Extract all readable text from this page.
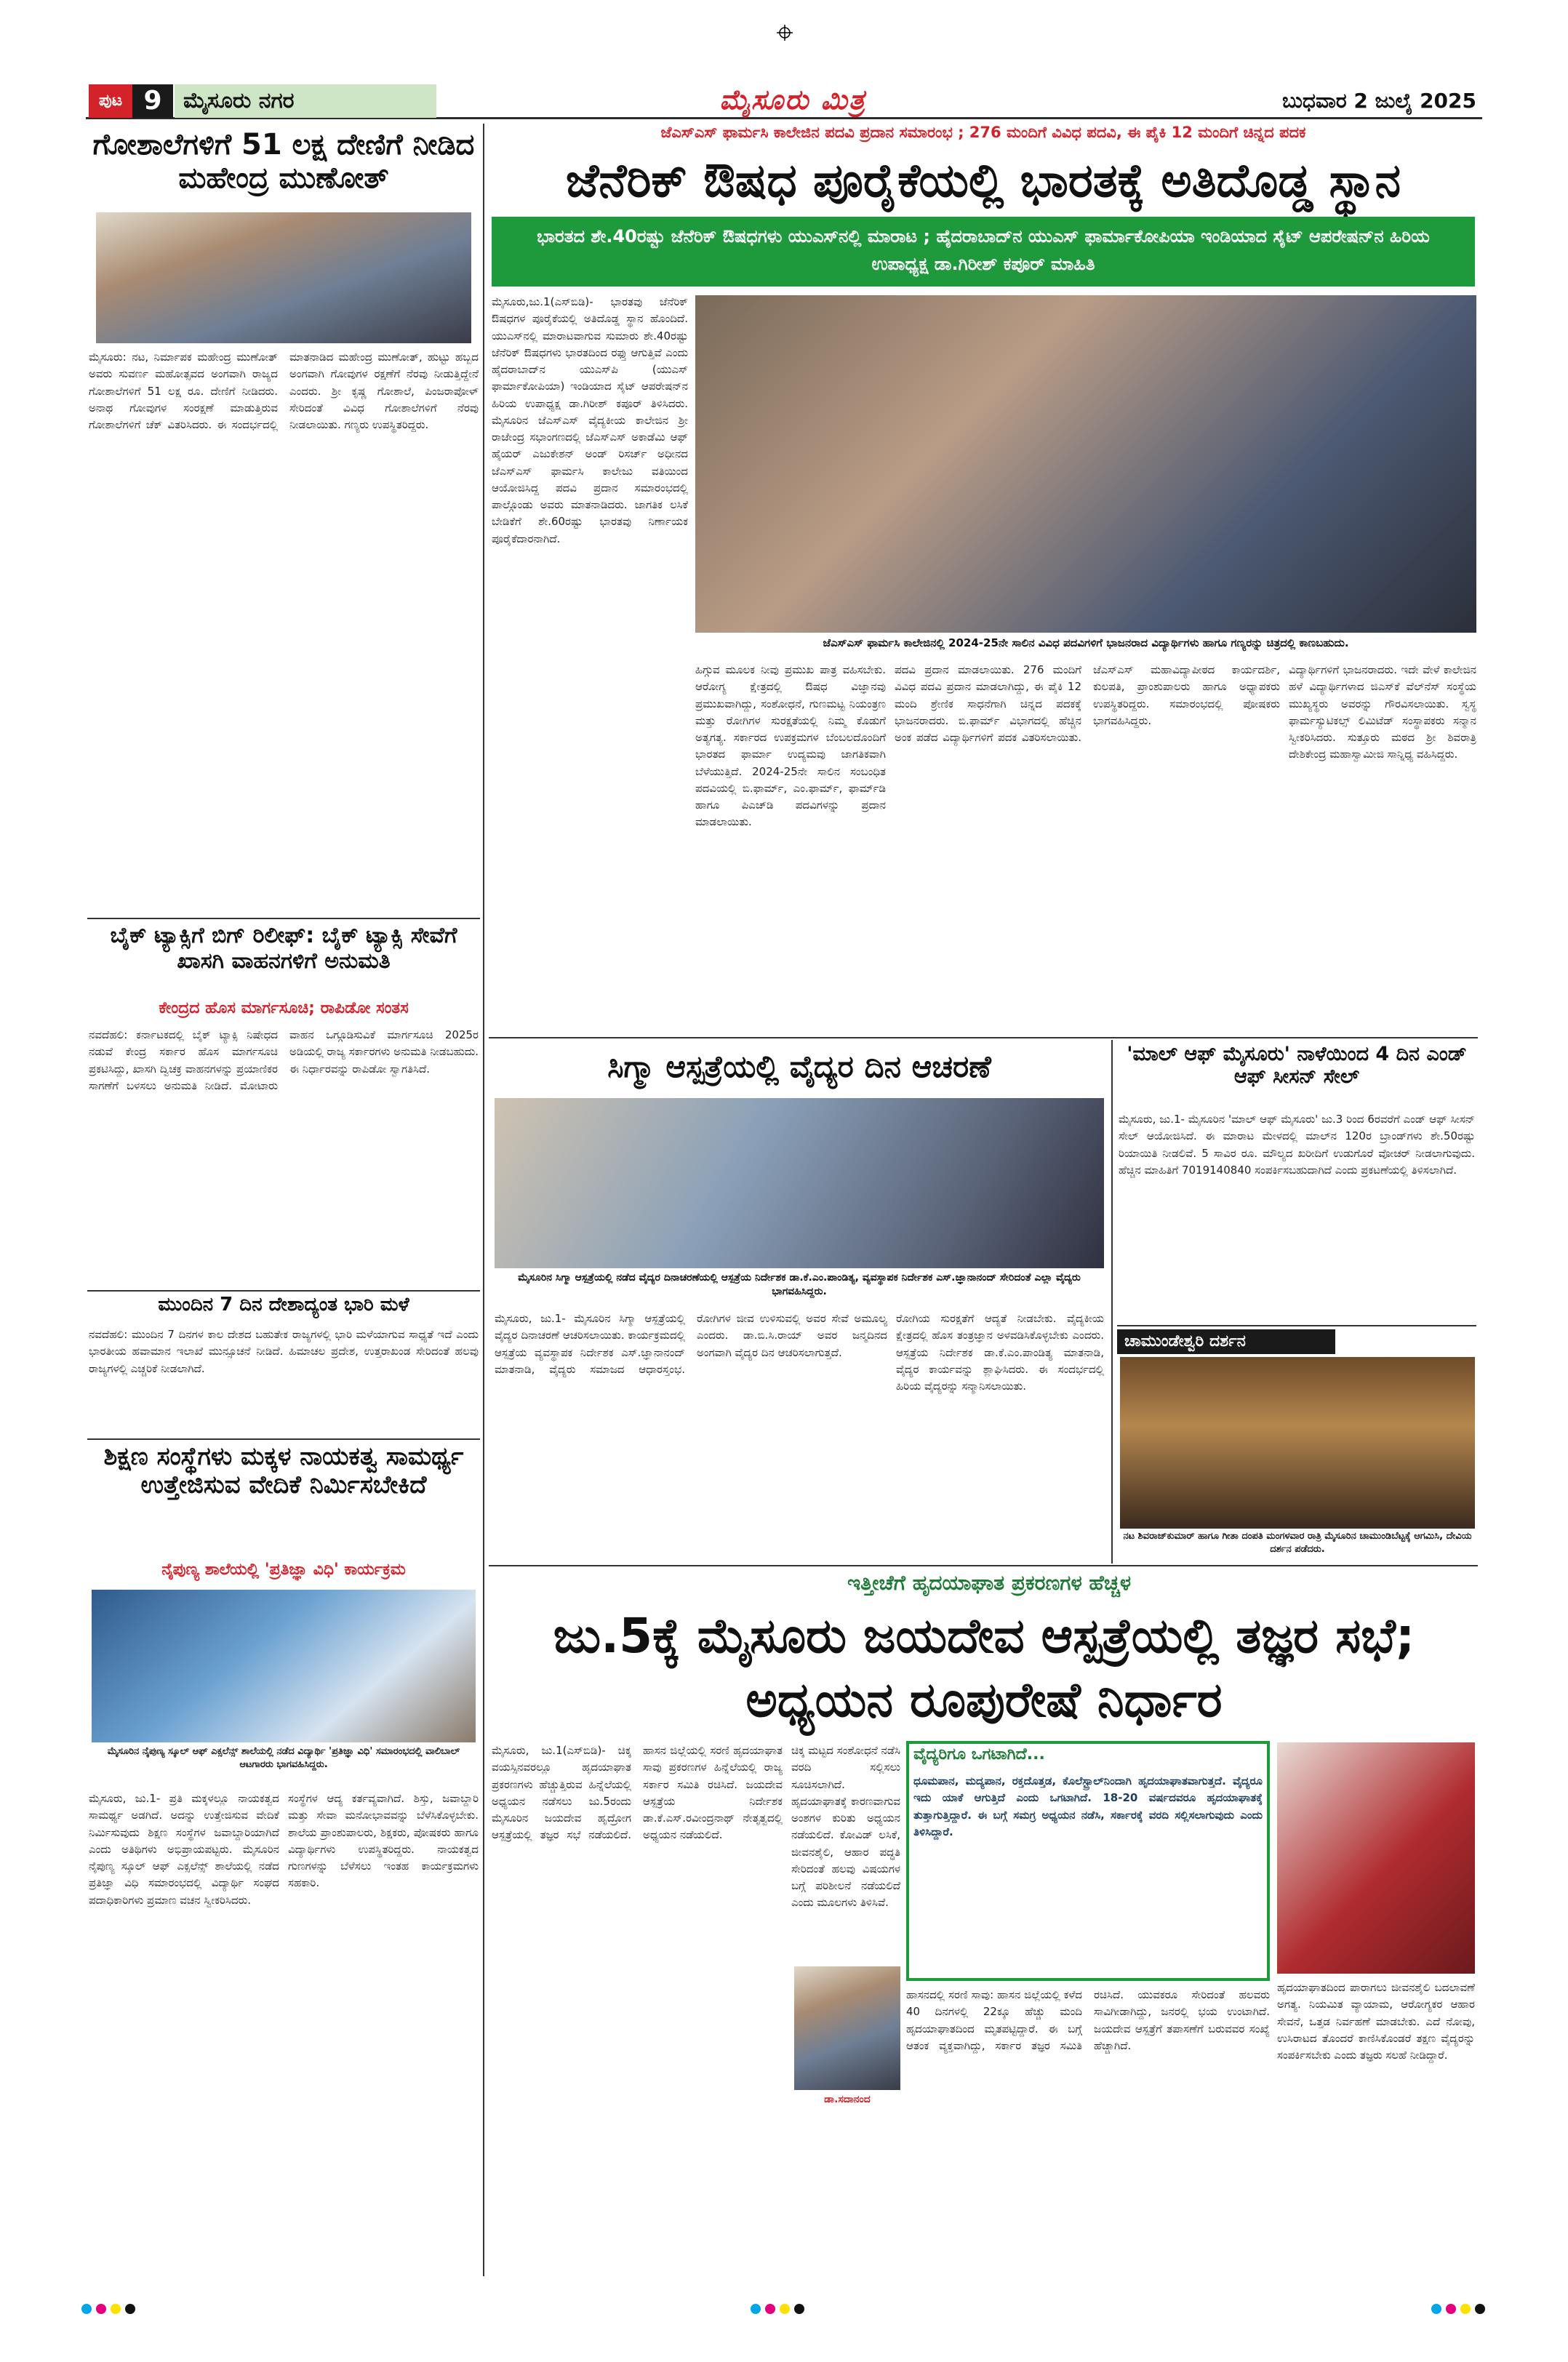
ಪುಟ 9 ಮೈಸೂರು ನಗರ	ಮೈಸೂರು ಮಿತ್ರ	ಬುಧವಾರ 2 ಜುಲೈ 2025
ಗೋಶಾಲೆಗಳಿಗೆ 51 ಲಕ್ಷ ದೇಣಿಗೆ ನೀಡಿದ ಮಹೇಂದ್ರ ಮುಣೋತ್
ಮೈಸೂರು: ನಟ, ನಿರ್ಮಾಪಕ ಮಹೇಂದ್ರ ಮುಣೋತ್ ಅವರು ಸುವರ್ಣ ಮಹೋತ್ಸವದ ಅಂಗವಾಗಿ ರಾಜ್ಯದ ಗೋಶಾಲೆಗಳಿಗೆ 51 ಲಕ್ಷ ರೂ. ದೇಣಿಗೆ ನೀಡಿದರು. ಅನಾಥ ಗೋವುಗಳ ಸಂರಕ್ಷಣೆ ಮಾಡುತ್ತಿರುವ ಗೋಶಾಲೆಗಳಿಗೆ ಚೆಕ್ ವಿತರಿಸಿದರು. ಈ ಸಂದರ್ಭದಲ್ಲಿ ಮಾತನಾಡಿದ ಮಹೇಂದ್ರ ಮುಣೋತ್, ಹುಟ್ಟು ಹಬ್ಬದ ಅಂಗವಾಗಿ ಗೋವುಗಳ ರಕ್ಷಣೆಗೆ ನೆರವು ನೀಡುತ್ತಿದ್ದೇನೆ ಎಂದರು. ಶ್ರೀ ಕೃಷ್ಣ ಗೋಶಾಲೆ, ಪಿಂಜರಾಪೋಳ್ ಸೇರಿದಂತೆ ವಿವಿಧ ಗೋಶಾಲೆಗಳಿಗೆ ನೆರವು ನೀಡಲಾಯಿತು. ಗಣ್ಯರು ಉಪಸ್ಥಿತರಿದ್ದರು.
ಬೈಕ್ ಟ್ಯಾಕ್ಸಿಗೆ ಬಿಗ್ ರಿಲೀಫ್: ಬೈಕ್ ಟ್ಯಾಕ್ಸಿ ಸೇವೆಗೆ ಖಾಸಗಿ ವಾಹನಗಳಿಗೆ ಅನುಮತಿ
ಕೇಂದ್ರದ ಹೊಸ ಮಾರ್ಗಸೂಚಿ; ರಾಪಿಡೋ ಸಂತಸ
ನವದೆಹಲಿ: ಕರ್ನಾಟಕದಲ್ಲಿ ಬೈಕ್ ಟ್ಯಾಕ್ಸಿ ನಿಷೇಧದ ನಡುವೆ ಕೇಂದ್ರ ಸರ್ಕಾರ ಹೊಸ ಮಾರ್ಗಸೂಚಿ ಪ್ರಕಟಿಸಿದ್ದು, ಖಾಸಗಿ ದ್ವಿಚಕ್ರ ವಾಹನಗಳನ್ನು ಪ್ರಯಾಣಿಕರ ಸಾಗಣೆಗೆ ಬಳಸಲು ಅನುಮತಿ ನೀಡಿದೆ. ಮೋಟಾರು ವಾಹನ ಒಗ್ಗೂಡಿಸುವಿಕೆ ಮಾರ್ಗಸೂಚಿ 2025ರ ಅಡಿಯಲ್ಲಿ ರಾಜ್ಯ ಸರ್ಕಾರಗಳು ಅನುಮತಿ ನೀಡಬಹುದು. ಈ ನಿರ್ಧಾರವನ್ನು ರಾಪಿಡೋ ಸ್ವಾಗತಿಸಿದೆ.
ಮುಂದಿನ 7 ದಿನ ದೇಶಾದ್ಯಂತ ಭಾರಿ ಮಳೆ
ನವದೆಹಲಿ: ಮುಂದಿನ 7 ದಿನಗಳ ಕಾಲ ದೇಶದ ಬಹುತೇಕ ರಾಜ್ಯಗಳಲ್ಲಿ ಭಾರಿ ಮಳೆಯಾಗುವ ಸಾಧ್ಯತೆ ಇದೆ ಎಂದು ಭಾರತೀಯ ಹವಾಮಾನ ಇಲಾಖೆ ಮುನ್ಸೂಚನೆ ನೀಡಿದೆ. ಹಿಮಾಚಲ ಪ್ರದೇಶ, ಉತ್ತರಾಖಂಡ ಸೇರಿದಂತೆ ಹಲವು ರಾಜ್ಯಗಳಲ್ಲಿ ಎಚ್ಚರಿಕೆ ನೀಡಲಾಗಿದೆ.
ಶಿಕ್ಷಣ ಸಂಸ್ಥೆಗಳು ಮಕ್ಕಳ ನಾಯಕತ್ವ ಸಾಮರ್ಥ್ಯ ಉತ್ತೇಜಿಸುವ ವೇದಿಕೆ ನಿರ್ಮಿಸಬೇಕಿದೆ
ನೈಪುಣ್ಯ ಶಾಲೆಯಲ್ಲಿ 'ಪ್ರತಿಜ್ಞಾ ವಿಧಿ' ಕಾರ್ಯಕ್ರಮ
ಮೈಸೂರಿನ ನೈಪುಣ್ಯ ಸ್ಕೂಲ್ ಆಫ್ ಎಕ್ಸಲೆನ್ಸ್ ಶಾಲೆಯಲ್ಲಿ ನಡೆದ ವಿದ್ಯಾರ್ಥಿ 'ಪ್ರತಿಜ್ಞಾ ವಿಧಿ' ಸಮಾರಂಭದಲ್ಲಿ ವಾಲಿಬಾಲ್ ಆಟಗಾರರು ಭಾಗವಹಿಸಿದ್ದರು.
ಮೈಸೂರು, ಜು.1- ಪ್ರತಿ ಮಕ್ಕಳಲ್ಲೂ ನಾಯಕತ್ವದ ಸಾಮರ್ಥ್ಯ ಅಡಗಿದೆ. ಅದನ್ನು ಉತ್ತೇಜಿಸುವ ವೇದಿಕೆ ನಿರ್ಮಿಸುವುದು ಶಿಕ್ಷಣ ಸಂಸ್ಥೆಗಳ ಜವಾಬ್ದಾರಿಯಾಗಿದೆ ಎಂದು ಅತಿಥಿಗಳು ಅಭಿಪ್ರಾಯಪಟ್ಟರು. ಮೈಸೂರಿನ ನೈಪುಣ್ಯ ಸ್ಕೂಲ್ ಆಫ್ ಎಕ್ಸಲೆನ್ಸ್ ಶಾಲೆಯಲ್ಲಿ ನಡೆದ ಪ್ರತಿಜ್ಞಾ ವಿಧಿ ಸಮಾರಂಭದಲ್ಲಿ ವಿದ್ಯಾರ್ಥಿ ಸಂಘದ ಪದಾಧಿಕಾರಿಗಳು ಪ್ರಮಾಣ ವಚನ ಸ್ವೀಕರಿಸಿದರು.
ಸಂಸ್ಥೆಗಳ ಆದ್ಯ ಕರ್ತವ್ಯವಾಗಿದೆ. ಶಿಸ್ತು, ಜವಾಬ್ದಾರಿ ಮತ್ತು ಸೇವಾ ಮನೋಭಾವವನ್ನು ಬೆಳೆಸಿಕೊಳ್ಳಬೇಕು. ಶಾಲೆಯ ಪ್ರಾಂಶುಪಾಲರು, ಶಿಕ್ಷಕರು, ಪೋಷಕರು ಹಾಗೂ ವಿದ್ಯಾರ್ಥಿಗಳು ಉಪಸ್ಥಿತರಿದ್ದರು. ನಾಯಕತ್ವದ ಗುಣಗಳನ್ನು ಬೆಳೆಸಲು ಇಂತಹ ಕಾರ್ಯಕ್ರಮಗಳು ಸಹಕಾರಿ.
ಜೆಎಸ್‌ಎಸ್ ಫಾರ್ಮಸಿ ಕಾಲೇಜಿನ ಪದವಿ ಪ್ರದಾನ ಸಮಾರಂಭ ; 276 ಮಂದಿಗೆ ವಿವಿಧ ಪದವಿ, ಈ ಪೈಕಿ 12 ಮಂದಿಗೆ ಚಿನ್ನದ ಪದಕ
ಜೆನೆರಿಕ್ ಔಷಧ ಪೂರೈಕೆಯಲ್ಲಿ ಭಾರತಕ್ಕೆ ಅತಿದೊಡ್ಡ ಸ್ಥಾನ
ಭಾರತದ ಶೇ.40ರಷ್ಟು ಜೆನೆರಿಕ್ ಔಷಧಗಳು ಯುಎಸ್‌ನಲ್ಲಿ ಮಾರಾಟ ; ಹೈದರಾಬಾದ್‌ನ ಯುಎಸ್ ಫಾರ್ಮಾಕೋಪಿಯಾ ಇಂಡಿಯಾದ ಸೈಟ್ ಆಪರೇಷನ್‌ನ ಹಿರಿಯ ಉಪಾಧ್ಯಕ್ಷ ಡಾ.ಗಿರೀಶ್ ಕಪೂರ್ ಮಾಹಿತಿ
ಮೈಸೂರು,ಜು.1(ಎಸ್‌ಬಿಡಿ)- ಭಾರತವು ಜೆನೆರಿಕ್ ಔಷಧಗಳ ಪೂರೈಕೆಯಲ್ಲಿ ಅತಿದೊಡ್ಡ ಸ್ಥಾನ ಹೊಂದಿದೆ. ಯುಎಸ್‌ನಲ್ಲಿ ಮಾರಾಟವಾಗುವ ಸುಮಾರು ಶೇ.40ರಷ್ಟು ಜೆನೆರಿಕ್ ಔಷಧಗಳು ಭಾರತದಿಂದ ರಫ್ತು ಆಗುತ್ತಿವೆ ಎಂದು ಹೈದರಾಬಾದ್‌ನ ಯುಎಸ್‌ಪಿ (ಯುಎಸ್ ಫಾರ್ಮಾಕೋಪಿಯಾ) ಇಂಡಿಯಾದ ಸೈಟ್ ಆಪರೇಷನ್‌ನ ಹಿರಿಯ ಉಪಾಧ್ಯಕ್ಷ ಡಾ.ಗಿರೀಶ್ ಕಪೂರ್ ತಿಳಿಸಿದರು. ಮೈಸೂರಿನ ಜೆಎಸ್‌ಎಸ್ ವೈದ್ಯಕೀಯ ಕಾಲೇಜಿನ ಶ್ರೀ ರಾಜೇಂದ್ರ ಸಭಾಂಗಣದಲ್ಲಿ ಜೆಎಸ್‌ಎಸ್ ಅಕಾಡೆಮಿ ಆಫ್ ಹೈಯರ್ ಎಜುಕೇಶನ್ ಅಂಡ್ ರಿಸರ್ಚ್ ಅಧೀನದ ಜೆಎಸ್‌ಎಸ್ ಫಾರ್ಮಸಿ ಕಾಲೇಜು ವತಿಯಿಂದ ಆಯೋಜಿಸಿದ್ದ ಪದವಿ ಪ್ರದಾನ ಸಮಾರಂಭದಲ್ಲಿ ಪಾಲ್ಗೊಂಡು ಅವರು ಮಾತನಾಡಿದರು. ಜಾಗತಿಕ ಲಸಿಕೆ ಬೇಡಿಕೆಗೆ ಶೇ.60ರಷ್ಟು ಭಾರತವು ನಿರ್ಣಾಯಕ ಪೂರೈಕೆದಾರನಾಗಿದೆ.
ಜೆಎಸ್‌ಎಸ್ ಫಾರ್ಮಸಿ ಕಾಲೇಜಿನಲ್ಲಿ 2024-25ನೇ ಸಾಲಿನ ವಿವಿಧ ಪದವಿಗಳಿಗೆ ಭಾಜನರಾದ ವಿದ್ಯಾರ್ಥಿಗಳು ಹಾಗೂ ಗಣ್ಯರನ್ನು ಚಿತ್ರದಲ್ಲಿ ಕಾಣಬಹುದು.
ಹಿಗ್ಗುವ ಮೂಲಕ ನೀವು ಪ್ರಮುಖ ಪಾತ್ರ ವಹಿಸಬೇಕು. ಆರೋಗ್ಯ ಕ್ಷೇತ್ರದಲ್ಲಿ ಔಷಧ ವಿಜ್ಞಾನವು ಪ್ರಮುಖವಾಗಿದ್ದು, ಸಂಶೋಧನೆ, ಗುಣಮಟ್ಟ ನಿಯಂತ್ರಣ ಮತ್ತು ರೋಗಿಗಳ ಸುರಕ್ಷತೆಯಲ್ಲಿ ನಿಮ್ಮ ಕೊಡುಗೆ ಅತ್ಯಗತ್ಯ. ಸರ್ಕಾರದ ಉಪಕ್ರಮಗಳ ಬೆಂಬಲದೊಂದಿಗೆ ಭಾರತದ ಫಾರ್ಮಾ ಉದ್ಯಮವು ಜಾಗತಿಕವಾಗಿ ಬೆಳೆಯುತ್ತಿದೆ. 2024-25ನೇ ಸಾಲಿನ ಸಂಬಂಧಿತ ಪದವಿಯಲ್ಲಿ ಬಿ.ಫಾರ್ಮ್, ಎಂ.ಫಾರ್ಮ್, ಫಾರ್ಮ್‌ಡಿ ಹಾಗೂ ಪಿಎಚ್‌ಡಿ ಪದವಿಗಳನ್ನು ಪ್ರದಾನ ಮಾಡಲಾಯಿತು.
ಪದವಿ ಪ್ರದಾನ ಮಾಡಲಾಯಿತು. 276 ಮಂದಿಗೆ ವಿವಿಧ ಪದವಿ ಪ್ರದಾನ ಮಾಡಲಾಗಿದ್ದು, ಈ ಪೈಕಿ 12 ಮಂದಿ ಶ್ರೇಣಿಕ ಸಾಧನೆಗಾಗಿ ಚಿನ್ನದ ಪದಕಕ್ಕೆ ಭಾಜನರಾದರು. ಬಿ.ಫಾರ್ಮ್ ವಿಭಾಗದಲ್ಲಿ ಹೆಚ್ಚಿನ ಅಂಕ ಪಡೆದ ವಿದ್ಯಾರ್ಥಿಗಳಿಗೆ ಪದಕ ವಿತರಿಸಲಾಯಿತು. ಜೆಎಸ್‌ಎಸ್ ಮಹಾವಿದ್ಯಾಪೀಠದ ಕಾರ್ಯದರ್ಶಿ, ಕುಲಪತಿ, ಪ್ರಾಂಶುಪಾಲರು ಹಾಗೂ ಅಧ್ಯಾಪಕರು ಉಪಸ್ಥಿತರಿದ್ದರು. ಸಮಾರಂಭದಲ್ಲಿ ಪೋಷಕರು ಭಾಗವಹಿಸಿದ್ದರು.
ವಿದ್ಯಾರ್ಥಿಗಳಿಗೆ ಭಾಜನರಾದರು. ಇದೇ ವೇಳೆ ಕಾಲೇಜಿನ ಹಳೆ ವಿದ್ಯಾರ್ಥಿಗಳಾದ ಜಿಎಸ್‌ಕೆ ವೆಲ್‌ನೆಸ್ ಸಂಸ್ಥೆಯ ಮುಖ್ಯಸ್ಥರು ಅವರನ್ನು ಗೌರವಿಸಲಾಯಿತು. ಸ್ವಸ್ಥ ಫಾರ್ಮಸ್ಯುಟಿಕಲ್ಸ್ ಲಿಮಿಟೆಡ್ ಸಂಸ್ಥಾಪಕರು ಸನ್ಮಾನ ಸ್ವೀಕರಿಸಿದರು. ಸುತ್ತೂರು ಮಠದ ಶ್ರೀ ಶಿವರಾತ್ರಿ ದೇಶಿಕೇಂದ್ರ ಮಹಾಸ್ವಾಮೀಜಿ ಸಾನ್ನಿಧ್ಯ ವಹಿಸಿದ್ದರು.
ಸಿಗ್ಮಾ ಆಸ್ಪತ್ರೆಯಲ್ಲಿ ವೈದ್ಯರ ದಿನ ಆಚರಣೆ
ಮೈಸೂರಿನ ಸಿಗ್ಮಾ ಆಸ್ಪತ್ರೆಯಲ್ಲಿ ನಡೆದ ವೈದ್ಯರ ದಿನಾಚರಣೆಯಲ್ಲಿ ಆಸ್ಪತ್ರೆಯ ನಿರ್ದೇಶಕ ಡಾ.ಕೆ.ಎಂ.ಪಾಂಡಿತ್ಯ, ವ್ಯವಸ್ಥಾಪಕ ನಿರ್ದೇಶಕ ಎಸ್.ಜ್ಞಾನಾನಂದ್ ಸೇರಿದಂತೆ ಎಲ್ಲಾ ವೈದ್ಯರು ಭಾಗವಹಿಸಿದ್ದರು.
ಮೈಸೂರು, ಜು.1- ಮೈಸೂರಿನ ಸಿಗ್ಮಾ ಆಸ್ಪತ್ರೆಯಲ್ಲಿ ವೈದ್ಯರ ದಿನಾಚರಣೆ ಆಚರಿಸಲಾಯಿತು. ಕಾರ್ಯಕ್ರಮದಲ್ಲಿ ಆಸ್ಪತ್ರೆಯ ವ್ಯವಸ್ಥಾಪಕ ನಿರ್ದೇಶಕ ಎಸ್.ಜ್ಞಾನಾನಂದ್ ಮಾತನಾಡಿ, ವೈದ್ಯರು ಸಮಾಜದ ಆಧಾರಸ್ತಂಭ. ರೋಗಿಗಳ ಜೀವ ಉಳಿಸುವಲ್ಲಿ ಅವರ ಸೇವೆ ಅಮೂಲ್ಯ ಎಂದರು. ಡಾ.ಬಿ.ಸಿ.ರಾಯ್ ಅವರ ಜನ್ಮದಿನದ ಅಂಗವಾಗಿ ವೈದ್ಯರ ದಿನ ಆಚರಿಸಲಾಗುತ್ತದೆ.
ರೋಗಿಯ ಸುರಕ್ಷತೆಗೆ ಆದ್ಯತೆ ನೀಡಬೇಕು. ವೈದ್ಯಕೀಯ ಕ್ಷೇತ್ರದಲ್ಲಿ ಹೊಸ ತಂತ್ರಜ್ಞಾನ ಅಳವಡಿಸಿಕೊಳ್ಳಬೇಕು ಎಂದರು. ಆಸ್ಪತ್ರೆಯ ನಿರ್ದೇಶಕ ಡಾ.ಕೆ.ಎಂ.ಪಾಂಡಿತ್ಯ ಮಾತನಾಡಿ, ವೈದ್ಯರ ಕಾರ್ಯವನ್ನು ಶ್ಲಾಘಿಸಿದರು. ಈ ಸಂದರ್ಭದಲ್ಲಿ ಹಿರಿಯ ವೈದ್ಯರನ್ನು ಸನ್ಮಾನಿಸಲಾಯಿತು.
'ಮಾಲ್ ಆಫ್ ಮೈಸೂರು' ನಾಳೆಯಿಂದ 4 ದಿನ ಎಂಡ್ ಆಫ್ ಸೀಸನ್ ಸೇಲ್
ಮೈಸೂರು, ಜು.1- ಮೈಸೂರಿನ 'ಮಾಲ್ ಆಫ್ ಮೈಸೂರು' ಜು.3 ರಿಂದ 6ರವರೆಗೆ ಎಂಡ್ ಆಫ್ ಸೀಸನ್ ಸೇಲ್ ಆಯೋಜಿಸಿದೆ. ಈ ಮಾರಾಟ ಮೇಳದಲ್ಲಿ ಮಾಲ್‌ನ 120ರ ಬ್ರಾಂಡ್‌ಗಳು ಶೇ.50ರಷ್ಟು ರಿಯಾಯಿತಿ ನೀಡಲಿವೆ. 5 ಸಾವಿರ ರೂ. ಮೌಲ್ಯದ ಖರೀದಿಗೆ ಉಡುಗೊರೆ ವೋಚರ್ ನೀಡಲಾಗುವುದು. ಹೆಚ್ಚಿನ ಮಾಹಿತಿಗೆ 7019140840 ಸಂಪರ್ಕಿಸಬಹುದಾಗಿದೆ ಎಂದು ಪ್ರಕಟಣೆಯಲ್ಲಿ ತಿಳಿಸಲಾಗಿದೆ.
ಚಾಮುಂಡೇಶ್ವರಿ ದರ್ಶನ
ನಟ ಶಿವರಾಜ್‌ಕುಮಾರ್ ಹಾಗೂ ಗೀತಾ ದಂಪತಿ ಮಂಗಳವಾರ ರಾತ್ರಿ ಮೈಸೂರಿನ ಚಾಮುಂಡಿಬೆಟ್ಟಕ್ಕೆ ಆಗಮಿಸಿ, ದೇವಿಯ ದರ್ಶನ ಪಡೆದರು.
ಇತ್ತೀಚೆಗೆ ಹೃದಯಾಘಾತ ಪ್ರಕರಣಗಳ ಹೆಚ್ಚಳ
ಜು.5ಕ್ಕೆ ಮೈಸೂರು ಜಯದೇವ ಆಸ್ಪತ್ರೆಯಲ್ಲಿ ತಜ್ಞರ ಸಭೆ; ಅಧ್ಯಯನ ರೂಪುರೇಷೆ ನಿರ್ಧಾರ
ಮೈಸೂರು, ಜು.1(ಎಸ್‌ಬಿಡಿ)- ಚಿಕ್ಕ ವಯಸ್ಸಿನವರಲ್ಲೂ ಹೃದಯಾಘಾತ ಪ್ರಕರಣಗಳು ಹೆಚ್ಚುತ್ತಿರುವ ಹಿನ್ನೆಲೆಯಲ್ಲಿ ಅಧ್ಯಯನ ನಡೆಸಲು ಜು.5ರಂದು ಮೈಸೂರಿನ ಜಯದೇವ ಹೃದ್ರೋಗ ಆಸ್ಪತ್ರೆಯಲ್ಲಿ ತಜ್ಞರ ಸಭೆ ನಡೆಯಲಿದೆ. ಹಾಸನ ಜಿಲ್ಲೆಯಲ್ಲಿ ಸರಣಿ ಹೃದಯಾಘಾತ ಸಾವು ಪ್ರಕರಣಗಳ ಹಿನ್ನೆಲೆಯಲ್ಲಿ ರಾಜ್ಯ ಸರ್ಕಾರ ಸಮಿತಿ ರಚಿಸಿದೆ. ಜಯದೇವ ಆಸ್ಪತ್ರೆಯ ನಿರ್ದೇಶಕ ಡಾ.ಕೆ.ಎಸ್.ರವೀಂದ್ರನಾಥ್ ನೇತೃತ್ವದಲ್ಲಿ ಅಧ್ಯಯನ ನಡೆಯಲಿದೆ.
ಚಿಕ್ಕ ಮಟ್ಟದ ಸಂಶೋಧನೆ ನಡೆಸಿ ವರದಿ ಸಲ್ಲಿಸಲು ಸೂಚಿಸಲಾಗಿದೆ. ಹೃದಯಾಘಾತಕ್ಕೆ ಕಾರಣವಾಗುವ ಅಂಶಗಳ ಕುರಿತು ಅಧ್ಯಯನ ನಡೆಯಲಿದೆ. ಕೋವಿಡ್ ಲಸಿಕೆ, ಜೀವನಶೈಲಿ, ಆಹಾರ ಪದ್ಧತಿ ಸೇರಿದಂತೆ ಹಲವು ವಿಷಯಗಳ ಬಗ್ಗೆ ಪರಿಶೀಲನೆ ನಡೆಯಲಿದೆ ಎಂದು ಮೂಲಗಳು ತಿಳಿಸಿವೆ.
ಡಾ.ಸದಾನಂದ
ವೈದ್ಯರಿಗೂ ಒಗಟಾಗಿದೆ...
ಧೂಮಪಾನ, ಮದ್ಯಪಾನ, ರಕ್ತದೊತ್ತಡ, ಕೊಲೆಸ್ಟ್ರಾಲ್‌ನಿಂದಾಗಿ ಹೃದಯಾಘಾತವಾಗುತ್ತದೆ. ವೈದ್ಯರೂ ಇದು ಯಾಕೆ ಆಗುತ್ತಿದೆ ಎಂದು ಒಗಟಾಗಿದೆ. 18-20 ವರ್ಷದವರೂ ಹೃದಯಾಘಾತಕ್ಕೆ ತುತ್ತಾಗುತ್ತಿದ್ದಾರೆ. ಈ ಬಗ್ಗೆ ಸಮಗ್ರ ಅಧ್ಯಯನ ನಡೆಸಿ, ಸರ್ಕಾರಕ್ಕೆ ವರದಿ ಸಲ್ಲಿಸಲಾಗುವುದು ಎಂದು ತಿಳಿಸಿದ್ದಾರೆ.
ಹಾಸನದಲ್ಲಿ ಸರಣಿ ಸಾವು: ಹಾಸನ ಜಿಲ್ಲೆಯಲ್ಲಿ ಕಳೆದ 40 ದಿನಗಳಲ್ಲಿ 22ಕ್ಕೂ ಹೆಚ್ಚು ಮಂದಿ ಹೃದಯಾಘಾತದಿಂದ ಮೃತಪಟ್ಟಿದ್ದಾರೆ. ಈ ಬಗ್ಗೆ ಆತಂಕ ವ್ಯಕ್ತವಾಗಿದ್ದು, ಸರ್ಕಾರ ತಜ್ಞರ ಸಮಿತಿ ರಚಿಸಿದೆ. ಯುವಕರೂ ಸೇರಿದಂತೆ ಹಲವರು ಸಾವಿಗೀಡಾಗಿದ್ದು, ಜನರಲ್ಲಿ ಭಯ ಉಂಟಾಗಿದೆ. ಜಯದೇವ ಆಸ್ಪತ್ರೆಗೆ ತಪಾಸಣೆಗೆ ಬರುವವರ ಸಂಖ್ಯೆ ಹೆಚ್ಚಾಗಿದೆ.
ಹೃದಯಾಘಾತದಿಂದ ಪಾರಾಗಲು ಜೀವನಶೈಲಿ ಬದಲಾವಣೆ ಅಗತ್ಯ. ನಿಯಮಿತ ವ್ಯಾಯಾಮ, ಆರೋಗ್ಯಕರ ಆಹಾರ ಸೇವನೆ, ಒತ್ತಡ ನಿರ್ವಹಣೆ ಮಾಡಬೇಕು. ಎದೆ ನೋವು, ಉಸಿರಾಟದ ತೊಂದರೆ ಕಾಣಿಸಿಕೊಂಡರೆ ತಕ್ಷಣ ವೈದ್ಯರನ್ನು ಸಂಪರ್ಕಿಸಬೇಕು ಎಂದು ತಜ್ಞರು ಸಲಹೆ ನೀಡಿದ್ದಾರೆ.
